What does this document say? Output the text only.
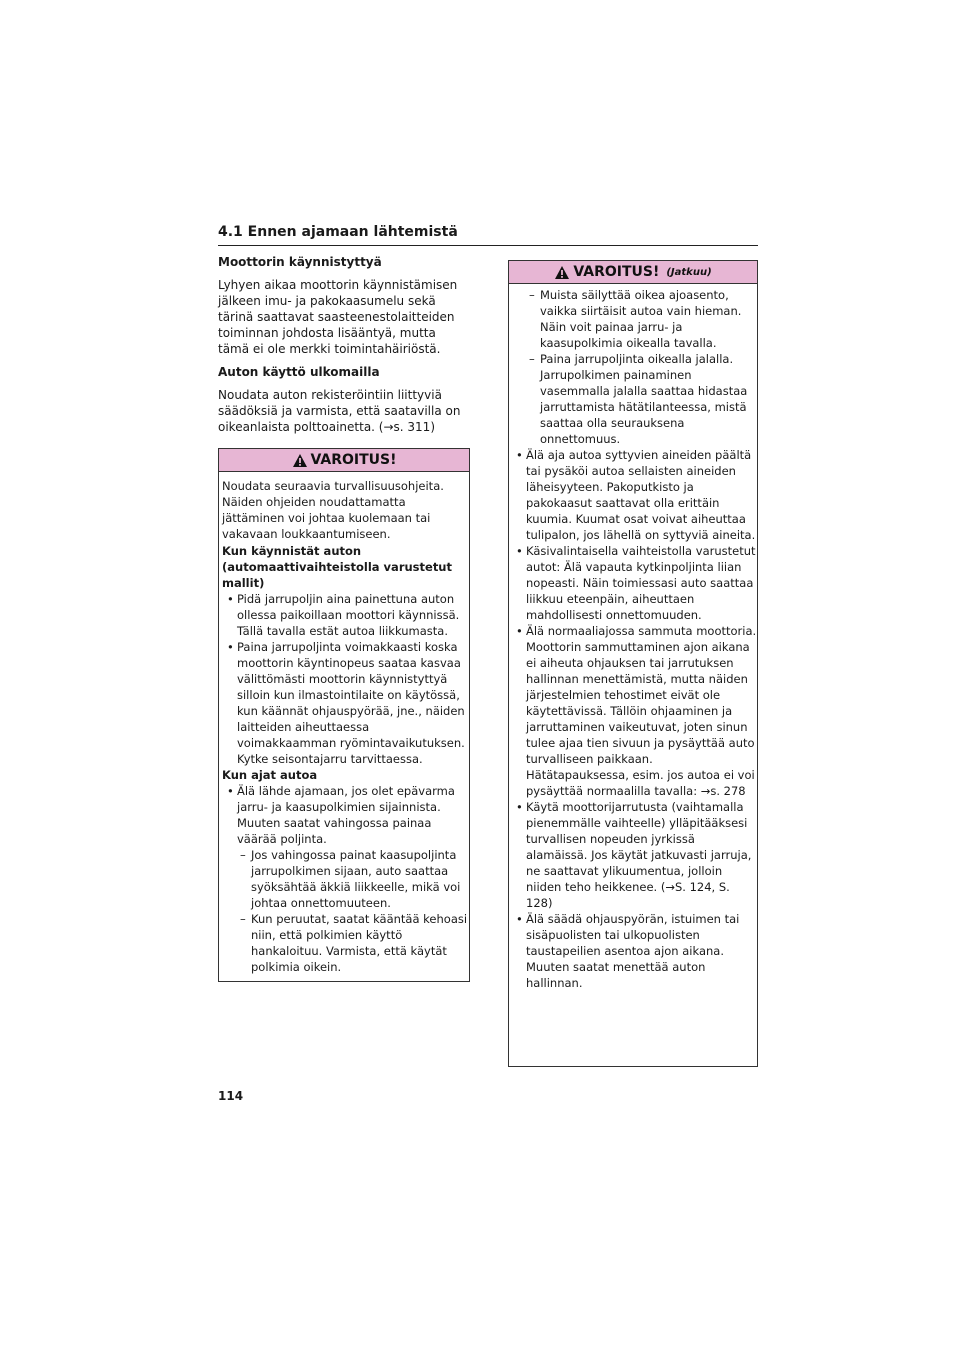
4.1 Ennen ajamaan lähtemistä

Moottorin käynnistyttyä

Lyhyen aikaa moottorin käynnistämisen jälkeen imu- ja pakokaasumelu sekä tärinä saattavat saasteenestolaitteiden toiminnan johdosta lisääntyä, mutta tämä ei ole merkki toimintahäiriöstä.

Auton käyttö ulkomailla

Noudata auton rekisteröintiin liittyviä säädöksiä ja varmista, että saatavilla on oikeanlaista polttoainetta. (→s. 311)

VAROITUS!

Noudata seuraavia turvallisuusohjeita. Näiden ohjeiden noudattamatta jättäminen voi johtaa kuolemaan tai vakavaan loukkaantumiseen.

Kun käynnistät auton (automaattivaihteistolla varustetut mallit)

• Pidä jarrupoljin aina painettuna auton ollessa paikoillaan moottori käynnissä. Tällä tavalla estät autoa liikkumasta.

• Paina jarrupoljinta voimakkaasti koska moottorin käyntinopeus saataa kasvaa välittömästi moottorin käynnistyttyä silloin kun ilmastointilaite on käytössä, kun käännät ohjauspyörää, jne., näiden laitteiden aiheuttaessa voimakkaamman ryömintavaikutuksen. Kytke seisontajarru tarvittaessa.

Kun ajat autoa

• Älä lähde ajamaan, jos olet epävarma jarru- ja kaasupolkimien sijainnista. Muuten saatat vahingossa painaa väärää poljinta.

– Jos vahingossa painat kaasupoljinta jarrupolkimen sijaan, auto saattaa syöksähtää äkkiä liikkeelle, mikä voi johtaa onnettomuuteen.

– Kun peruutat, saatat kääntää kehoasi niin, että polkimien käyttö hankaloituu. Varmista, että käytät polkimia oikein.

VAROITUS! (Jatkuu)

– Muista säilyttää oikea ajoasento, vaikka siirtäisit autoa vain hieman. Näin voit painaa jarru- ja kaasupolkimia oikealla tavalla.

– Paina jarrupoljinta oikealla jalalla. Jarrupolkimen painaminen vasemmalla jalalla saattaa hidastaa jarruttamista hätätilanteessa, mistä saattaa olla seurauksena onnettomuus.

• Älä aja autoa syttyvien aineiden päältä tai pysäköi autoa sellaisten aineiden läheisyyteen. Pakoputkisto ja pakokaasut saattavat olla erittäin kuumia. Kuumat osat voivat aiheuttaa tulipalon, jos lähellä on syttyviä aineita.

• Käsivalintaisella vaihteistolla varustetut autot: Älä vapauta kytkinpoljinta liian nopeasti. Näin toimiessasi auto saattaa liikkuu eteenpäin, aiheuttaen mahdollisesti onnettomuuden.

• Älä normaaliajossa sammuta moottoria. Moottorin sammuttaminen ajon aikana ei aiheuta ohjauksen tai jarrutuksen hallinnan menettämistä, mutta näiden järjestelmien tehostimet eivät ole käytettävissä. Tällöin ohjaaminen ja jarruttaminen vaikeutuvat, joten sinun tulee ajaa tien sivuun ja pysäyttää auto turvalliseen paikkaan. Hätätapauksessa, esim. jos autoa ei voi pysäyttää normaalilla tavalla: →s. 278

• Käytä moottorijarrutusta (vaihtamalla pienemmälle vaihteelle) ylläpitääksesi turvallisen nopeuden jyrkissä alamäissä. Jos käytät jatkuvasti jarruja, ne saattavat ylikuumentua, jolloin niiden teho heikkenee. (→S. 124, S. 128)

• Älä säädä ohjauspyörän, istuimen tai sisäpuolisten tai ulkopuolisten taustapeilien asentoa ajon aikana. Muuten saatat menettää auton hallinnan.

114
